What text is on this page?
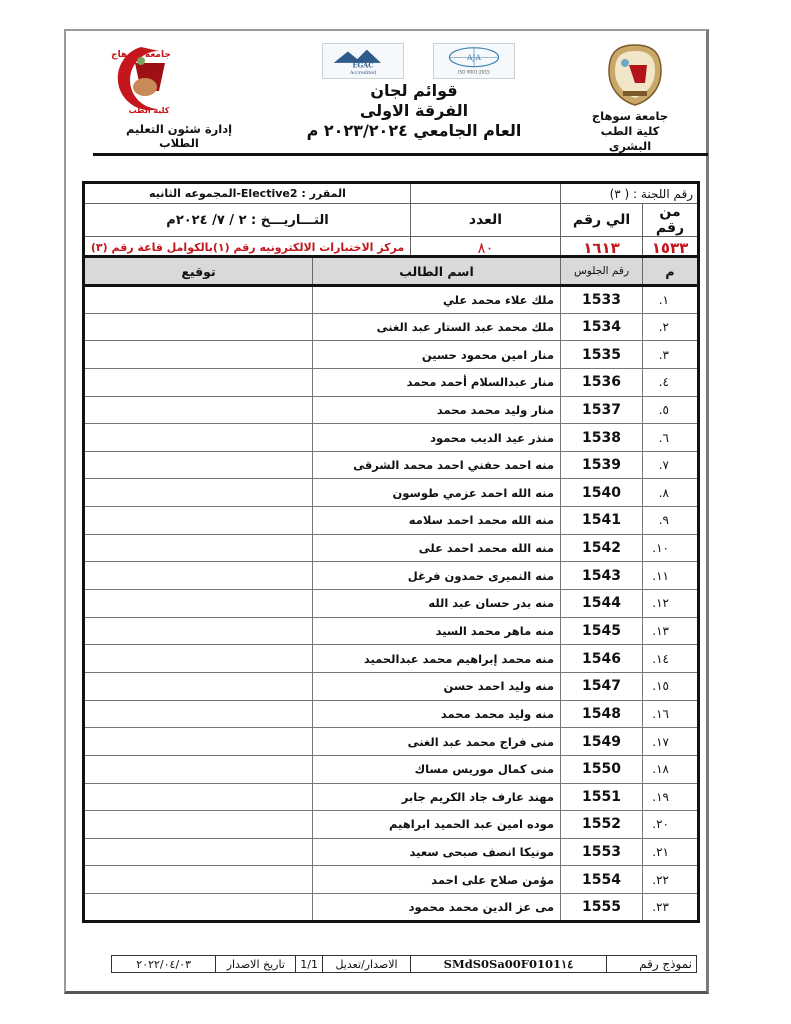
جامعة سوهاج
كلية الطب
إدارة شئون التعليم الطلاب
EGAC
Accredited
AJA
ISO 9001:2015
قوائم لجان
الفرقة الاولى
العام الجامعي ٢٠٢٣/٢٠٢٤ م
جامعة سوهاج
كلية الطب البشرى
رقم اللجنة : ( ٣)			المقرر : Elective2-المجموعه الثانيه
من رقم	الي رقم	العدد	التـــاريـــخ : ٢ / ٧/ ٢٠٢٤م
١٥٣٣	١٦١٣	٨٠	مركز الاختبارات الالكترونيه رقم (١)بالكوامل قاعة رقم (٣)
م	رقم الجلوس	اسم الطالب	توقيع
١.	1533	ملك علاء محمد علي	
٢.	1534	ملك محمد عبد الستار عبد الغنى	
٣.	1535	منار امين محمود حسين	
٤.	1536	منار عبدالسلام أحمد محمد	
٥.	1537	منار وليد محمد محمد	
٦.	1538	منذر عيد الديب محمود	
٧.	1539	منه احمد حفني احمد محمد الشرقى	
٨.	1540	منه الله احمد عزمي طوسون	
٩.	1541	منه الله محمد احمد سلامه	
١٠.	1542	منه الله محمد احمد على	
١١.	1543	منه النميرى حمدون فرغل	
١٢.	1544	منه بدر حسان عبد الله	
١٣.	1545	منه ماهر محمد السيد	
١٤.	1546	منه محمد إبراهيم محمد عبدالحميد	
١٥.	1547	منه وليد احمد حسن	
١٦.	1548	منه وليد محمد محمد	
١٧.	1549	منى فراج محمد عبد الغنى	
١٨.	1550	منى كمال موريس مساك	
١٩.	1551	مهند عارف جاد الكريم جابر	
٢٠.	1552	موده امين عبد الحميد ابراهيم	
٢١.	1553	مونيكا انصف صبحى سعيد	
٢٢.	1554	مؤمن صلاح على احمد	
٢٣.	1555	مى عز الدين محمد محمود	
نموذج رقم	SMdS0Sa00F0101١٤	الاصدار/تعديل	1/1	تاريخ الاصدار	٢٠٢٢/٠٤/٠٣
